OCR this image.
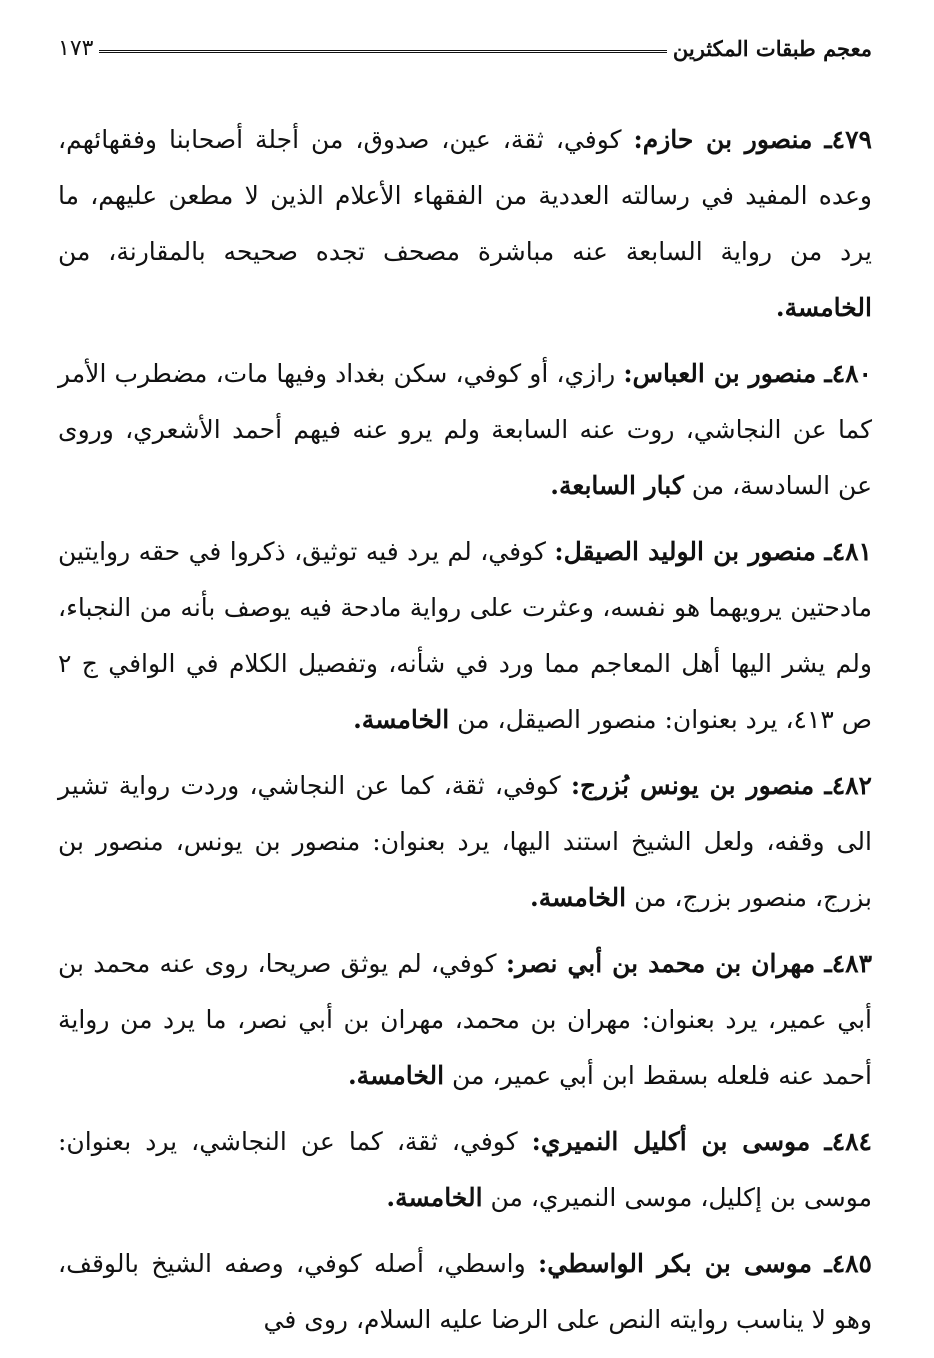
معجم طبقات المكثرين
١٧٣

٤٧٩ـ منصور بن حازم: كوفي، ثقة، عين، صدوق، من أجلة أصحابنا وفقهائهم، وعده المفيد في رسالته العددية من الفقهاء الأعلام الذين لا مطعن عليهم، ما يرد من رواية السابعة عنه مباشرة مصحف تجده صحيحه بالمقارنة، من الخامسة.

٤٨٠ـ منصور بن العباس: رازي، أو كوفي، سكن بغداد وفيها مات، مضطرب الأمر كما عن النجاشي، روت عنه السابعة ولم يرو عنه فيهم أحمد الأشعري، وروى عن السادسة، من كبار السابعة.

٤٨١ـ منصور بن الوليد الصيقل: كوفي، لم يرد فيه توثيق، ذكروا في حقه روايتين مادحتين يرويهما هو نفسه، وعثرت على رواية مادحة فيه يوصف بأنه من النجباء، ولم يشر اليها أهل المعاجم مما ورد في شأنه، وتفصيل الكلام في الوافي ج ٢ ص ٤١٣، يرد بعنوان: منصور الصيقل، من الخامسة.

٤٨٢ـ منصور بن يونس بُزرج: كوفي، ثقة، كما عن النجاشي، وردت رواية تشير الى وقفه، ولعل الشيخ استند اليها، يرد بعنوان: منصور بن يونس، منصور بن بزرج، منصور بزرج، من الخامسة.

٤٨٣ـ مهران بن محمد بن أبي نصر: كوفي، لم يوثق صريحا، روى عنه محمد بن أبي عمير، يرد بعنوان: مهران بن محمد، مهران بن أبي نصر، ما يرد من رواية أحمد عنه فلعله بسقط ابن أبي عمير، من الخامسة.

٤٨٤ـ موسى بن أكليل النميري: كوفي، ثقة، كما عن النجاشي، يرد بعنوان: موسى بن إكليل، موسى النميري، من الخامسة.

٤٨٥ـ موسى بن بكر الواسطي: واسطي، أصله كوفي، وصفه الشيخ بالوقف، وهو لا يناسب روايته النص على الرضا عليه السلام، روى في
